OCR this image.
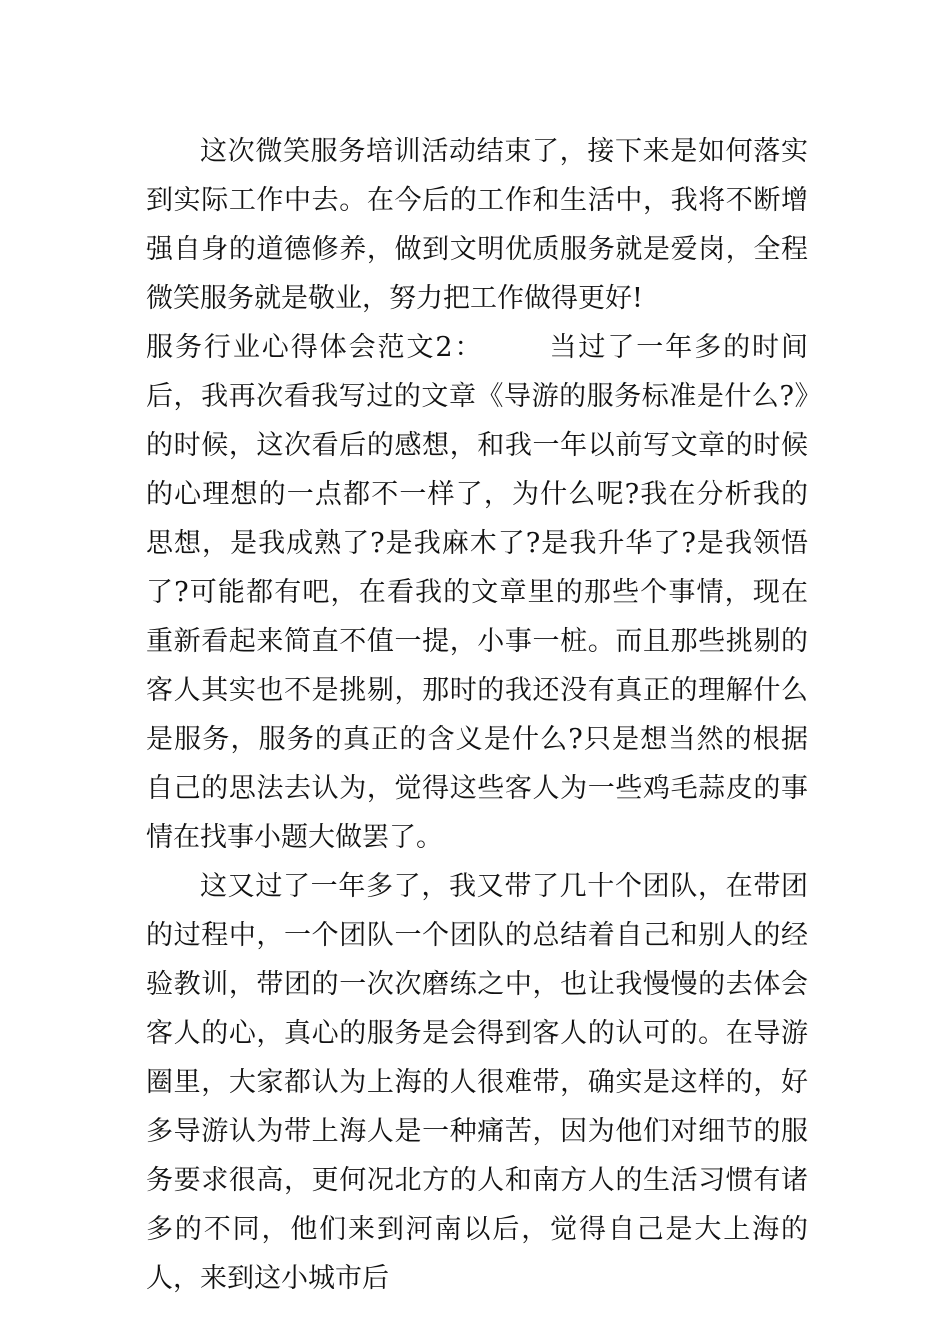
这次微笑服务培训活动结束了，接下来是如何落实到实际工作中去。在今后的工作和生活中，我将不断增强自身的道德修养，做到文明优质服务就是爱岗，全程微笑服务就是敬业，努力把工作做得更好!

服务行业心得体会范文2： 当过了一年多的时间后，我再次看我写过的文章《导游的服务标准是什么?》的时候，这次看后的感想，和我一年以前写文章的时候的心理想的一点都不一样了，为什么呢?我在分析我的思想，是我成熟了?是我麻木了?是我升华了?是我领悟了?可能都有吧，在看我的文章里的那些个事情，现在重新看起来简直不值一提，小事一桩。而且那些挑剔的客人其实也不是挑剔，那时的我还没有真正的理解什么是服务，服务的真正的含义是什么?只是想当然的根据自己的思法去认为，觉得这些客人为一些鸡毛蒜皮的事情在找事小题大做罢了。

这又过了一年多了，我又带了几十个团队，在带团的过程中，一个团队一个团队的总结着自己和别人的经验教训，带团的一次次磨练之中，也让我慢慢的去体会客人的心，真心的服务是会得到客人的认可的。在导游圈里，大家都认为上海的人很难带，确实是这样的，好多导游认为带上海人是一种痛苦，因为他们对细节的服务要求很高，更何况北方的人和南方人的生活习惯有诸多的不同，他们来到河南以后，觉得自己是大上海的人，来到这小城市后
